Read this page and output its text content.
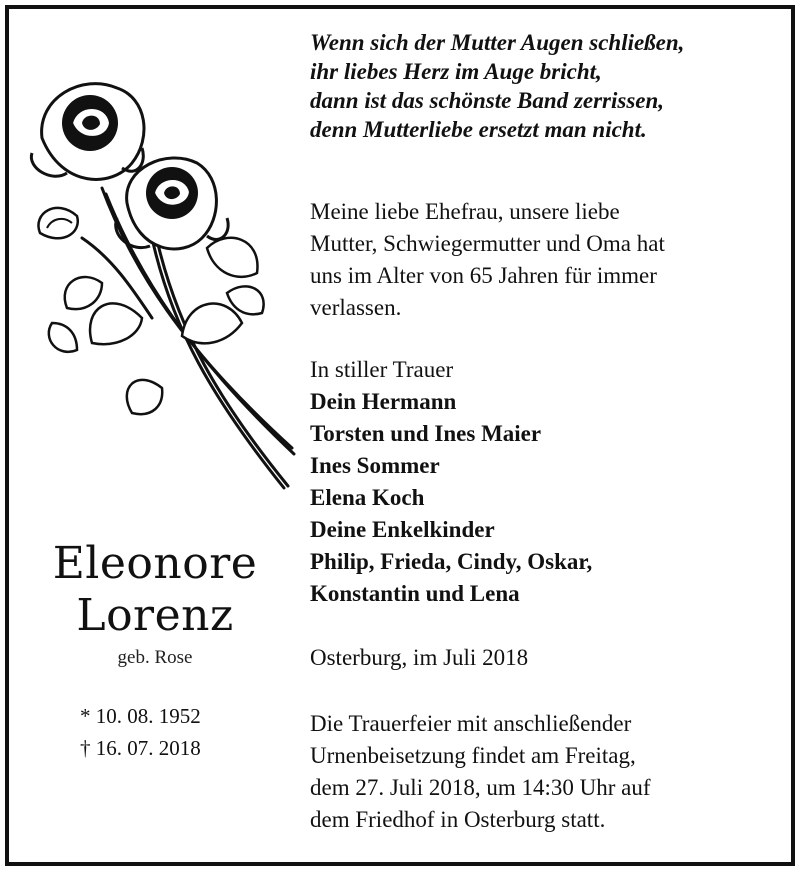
Eleonore
Lorenz
geb. Rose
* 10. 08. 1952
† 16. 07. 2018
Wenn sich der Mutter Augen schließen,
ihr liebes Herz im Auge bricht,
dann ist das schönste Band zerrissen,
denn Mutterliebe ersetzt man nicht.
Meine liebe Ehefrau, unsere liebe
Mutter, Schwiegermutter und Oma hat
uns im Alter von 65 Jahren für immer
verlassen.
In stiller Trauer
Dein Hermann
Torsten und Ines Maier
Ines Sommer
Elena Koch
Deine Enkelkinder
Philip, Frieda, Cindy, Oskar,
Konstantin und Lena
Osterburg, im Juli 2018
Die Trauerfeier mit anschließender
Urnenbeisetzung findet am Freitag,
dem 27. Juli 2018, um 14:30 Uhr auf
dem Friedhof in Osterburg statt.
